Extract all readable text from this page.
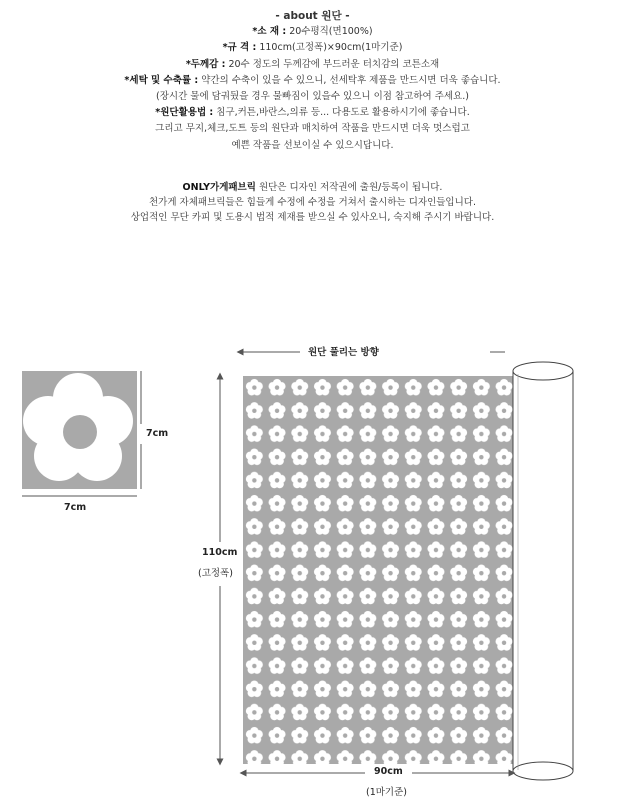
- about 원단 -
*소 재 : 20수평직(면100%)
*규 격 : 110cm(고정폭)×90cm(1마기준)
*두께감 : 20수 정도의 두께감에 부드러운 터치감의 코튼소재
*세탁 및 수축률 : 약간의 수축이 있을 수 있으니, 선세탁후 제품을 만드시면 더욱 좋습니다.
(장시간 물에 담궈뒀을 경우 물빠짐이 있을수 있으니 이점 참고하여 주세요.)
*원단활용법 : 침구,커튼,바란스,의류 등... 다용도로 활용하시기에 좋습니다.
그리고 무지,체크,도트 등의 원단과 매치하여 작품을 만드시면 더욱 멋스럽고
예쁜 작품을 선보이실 수 있으시답니다.
ONLY가게패브릭 원단은 디자인 저작권에 출원/등록이 됩니다.
천가게 자체패브릭들은 힘들게 수정에 수정을 거쳐서 출시하는 디자인들입니다.
상업적인 무단 카피 및 도용시 법적 제재를 받으실 수 있사오니, 숙지해 주시기 바랍니다.
원단 풀리는 방향
7cm
7cm
110cm
(고정폭)
90cm
(1마기준)
